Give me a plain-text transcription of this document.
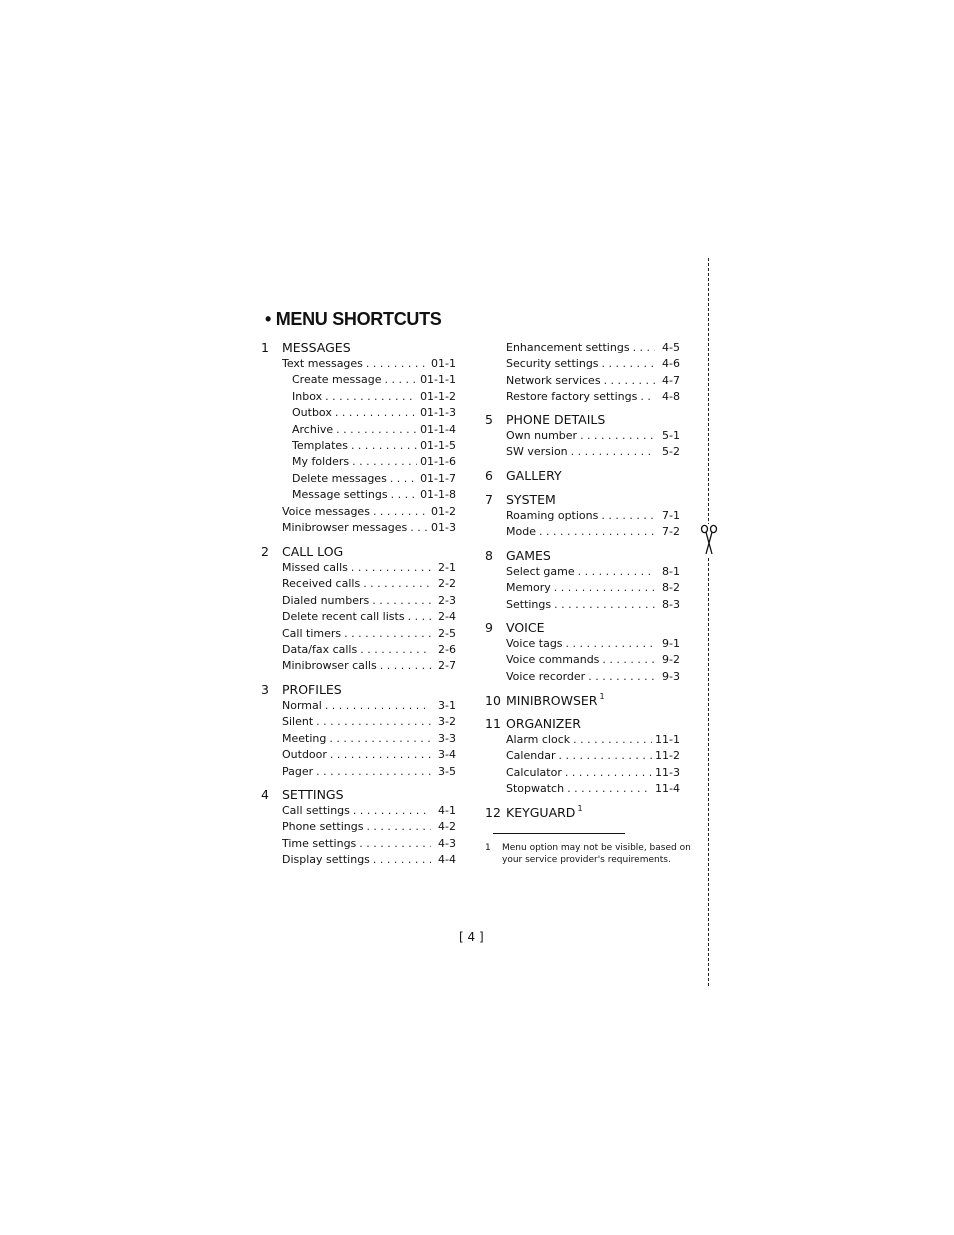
• MENU SHORTCUTS
1 MESSAGES
Text messages . . .	01-1
Create message . . .	01-1-1
Inbox . . .	01-1-2
Outbox . . .	01-1-3
Archive . . .	01-1-4
Templates . . .	01-1-5
My folders . . .	01-1-6
Delete messages . . .	01-1-7
Message settings . . .	01-1-8
Voice messages . . .	01-2
Minibrowser messages . . . 01-3
2 CALL LOG
Missed calls . . .	2-1
Received calls . . .	2-2
Dialed numbers . . .	2-3
Delete recent call lists . . .	2-4
Call timers . . .	2-5
Data/fax calls . . .	2-6
Minibrowser calls . . .	2-7
3 PROFILES
Normal . . .	3-1
Silent . . .	3-2
Meeting . . .	3-3
Outdoor . . .	3-4
Pager . . .	3-5
4 SETTINGS
Call settings . . .	4-1
Phone settings . . .	4-2
Time settings . . .	4-3
Display settings . . .	4-4
Enhancement settings . . .	4-5
Security settings . . .	4-6
Network services . . .	4-7
Restore factory settings . . .	4-8
5 PHONE DETAILS
Own number . . .	5-1
SW version . . .	5-2
6 GALLERY
7 SYSTEM
Roaming options . . .	7-1
Mode . . .	7-2
8 GAMES
Select game . . .	8-1
Memory . . .	8-2
Settings . . .	8-3
9 VOICE
Voice tags . . .	9-1
Voice commands . . .	9-2
Voice recorder . . .	9-3
10 MINIBROWSER $^1$
11 ORGANIZER
Alarm clock . . .	11-1
Calendar . . .	11-2
Calculator . . .	11-3
Stopwatch . . .	11-4
12 KEYGUARD $^1$
1 Menu option may not be visible, based on your service provider's requirements.
[ 4 ]
